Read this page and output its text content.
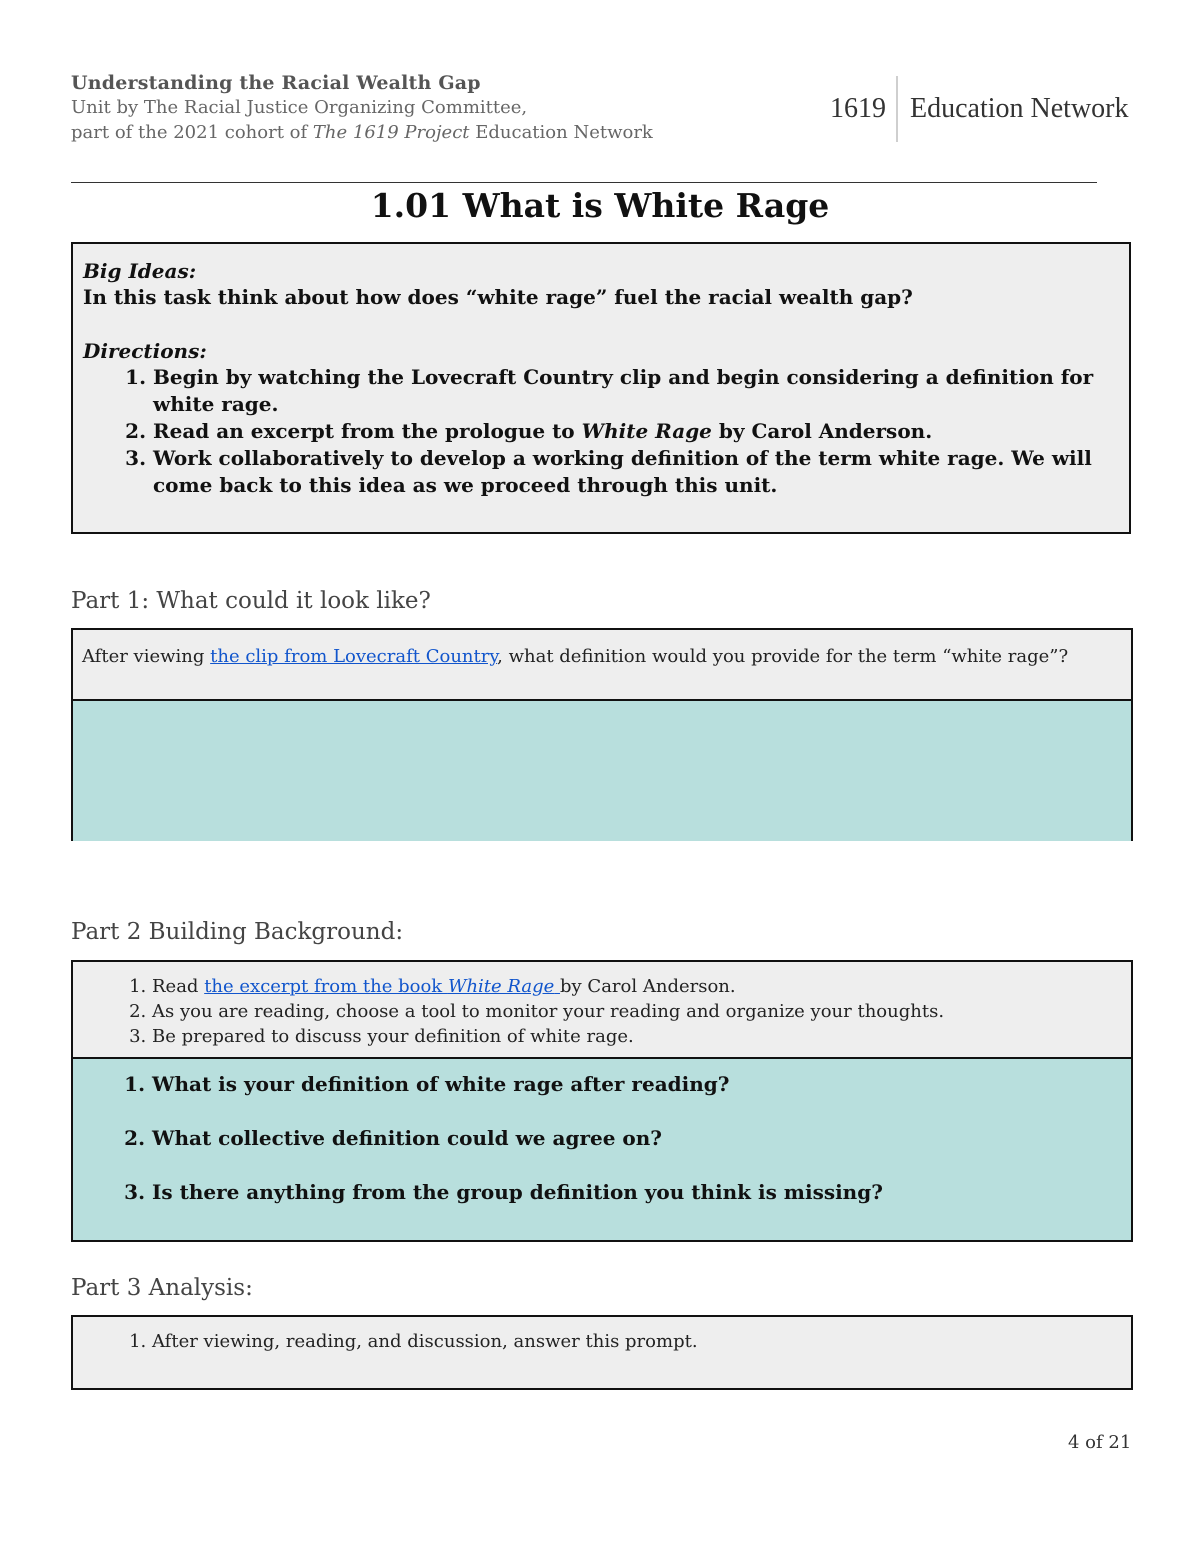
Understanding the Racial Wealth Gap
Unit by The Racial Justice Organizing Committee,
part of the 2021 cohort of The 1619 Project Education Network
1619 Education Network
1.01 What is White Rage
Big Ideas:
In this task think about how does “white rage” fuel the racial wealth gap?
Directions:
1. Begin by watching the Lovecraft Country clip and begin considering a definition for white rage.
2. Read an excerpt from the prologue to White Rage by Carol Anderson.
3. Work collaboratively to develop a working definition of the term white rage. We will come back to this idea as we proceed through this unit.
Part 1: What could it look like?
After viewing the clip from Lovecraft Country, what definition would you provide for the term “white rage”?
Part 2 Building Background:
1. Read the excerpt from the book White Rage by Carol Anderson.
2. As you are reading, choose a tool to monitor your reading and organize your thoughts.
3. Be prepared to discuss your definition of white rage.
1. What is your definition of white rage after reading?
2. What collective definition could we agree on?
3. Is there anything from the group definition you think is missing?
Part 3 Analysis:
1. After viewing, reading, and discussion, answer this prompt.
4 of 21
